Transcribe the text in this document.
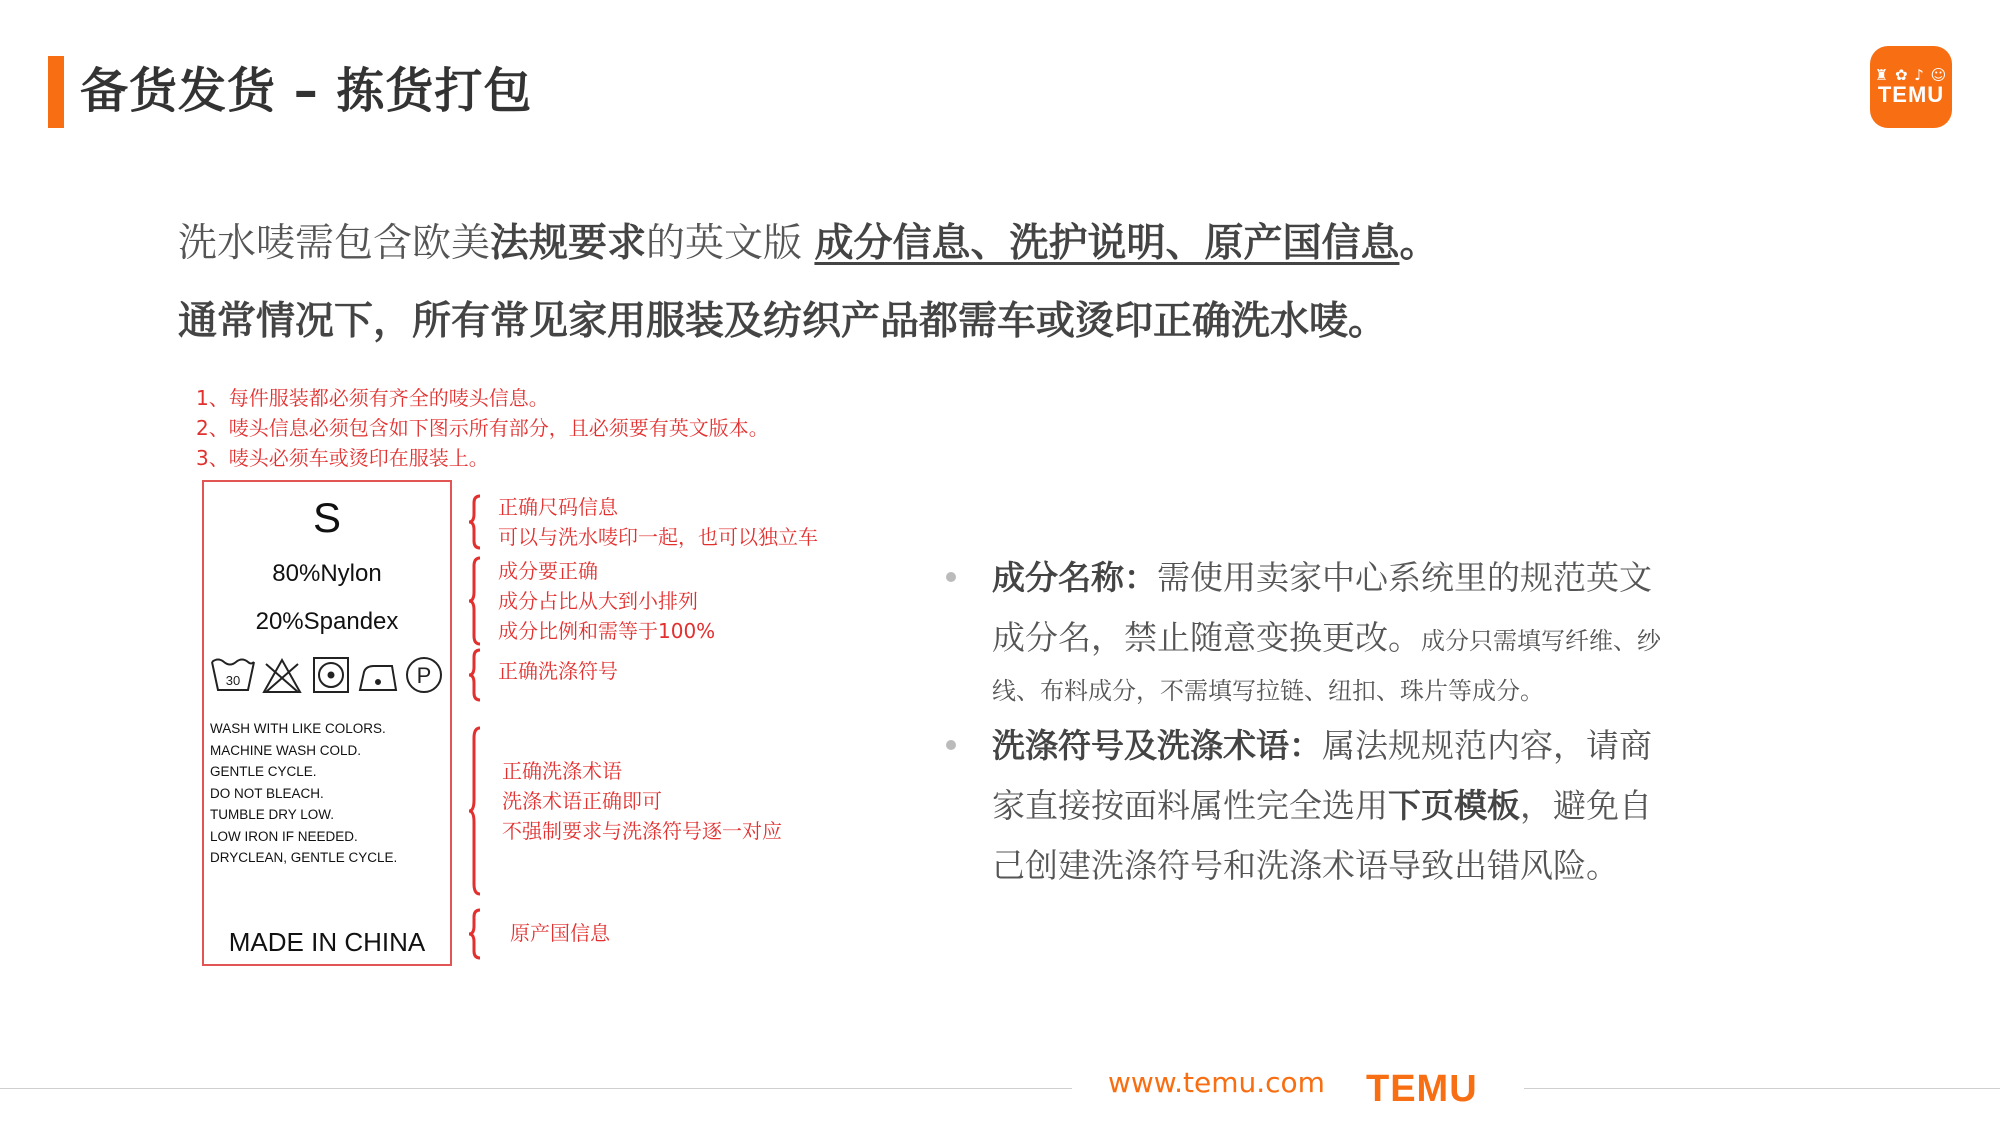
备货发货 – 拣货打包	♜ ✿ ♪ ☺
TEMU
洗水唛需包含欧美法规要求的英文版 成分信息、洗护说明、原产国信息。
通常情况下，所有常见家用服装及纺织产品都需车或烫印正确洗水唛。
1、每件服装都必须有齐全的唛头信息。
2、唛头信息必须包含如下图示所有部分，且必须要有英文版本。
3、唛头必须车或烫印在服装上。
S
80%Nylon
20%Spandex
30	P
WASH WITH LIKE COLORS.
MACHINE WASH COLD.
GENTLE CYCLE.
DO NOT BLEACH.
TUMBLE DRY LOW.
LOW IRON IF NEEDED.
DRYCLEAN, GENTLE CYCLE.
MADE IN CHINA
正确尺码信息
可以与洗水唛印一起，也可以独立车
成分要正确
成分占比从大到小排列
成分比例和需等于100%
正确洗涤符号
正确洗涤术语
洗涤术语正确即可
不强制要求与洗涤符号逐一对应
原产国信息
成分名称：需使用卖家中心系统里的规范英文
成分名，禁止随意变换更改。成分只需填写纤维、纱
线、布料成分，不需填写拉链、纽扣、珠片等成分。
洗涤符号及洗涤术语：属法规规范内容，请商
家直接按面料属性完全选用下页模板，避免自
己创建洗涤符号和洗涤术语导致出错风险。
www.temu.com TEMU
